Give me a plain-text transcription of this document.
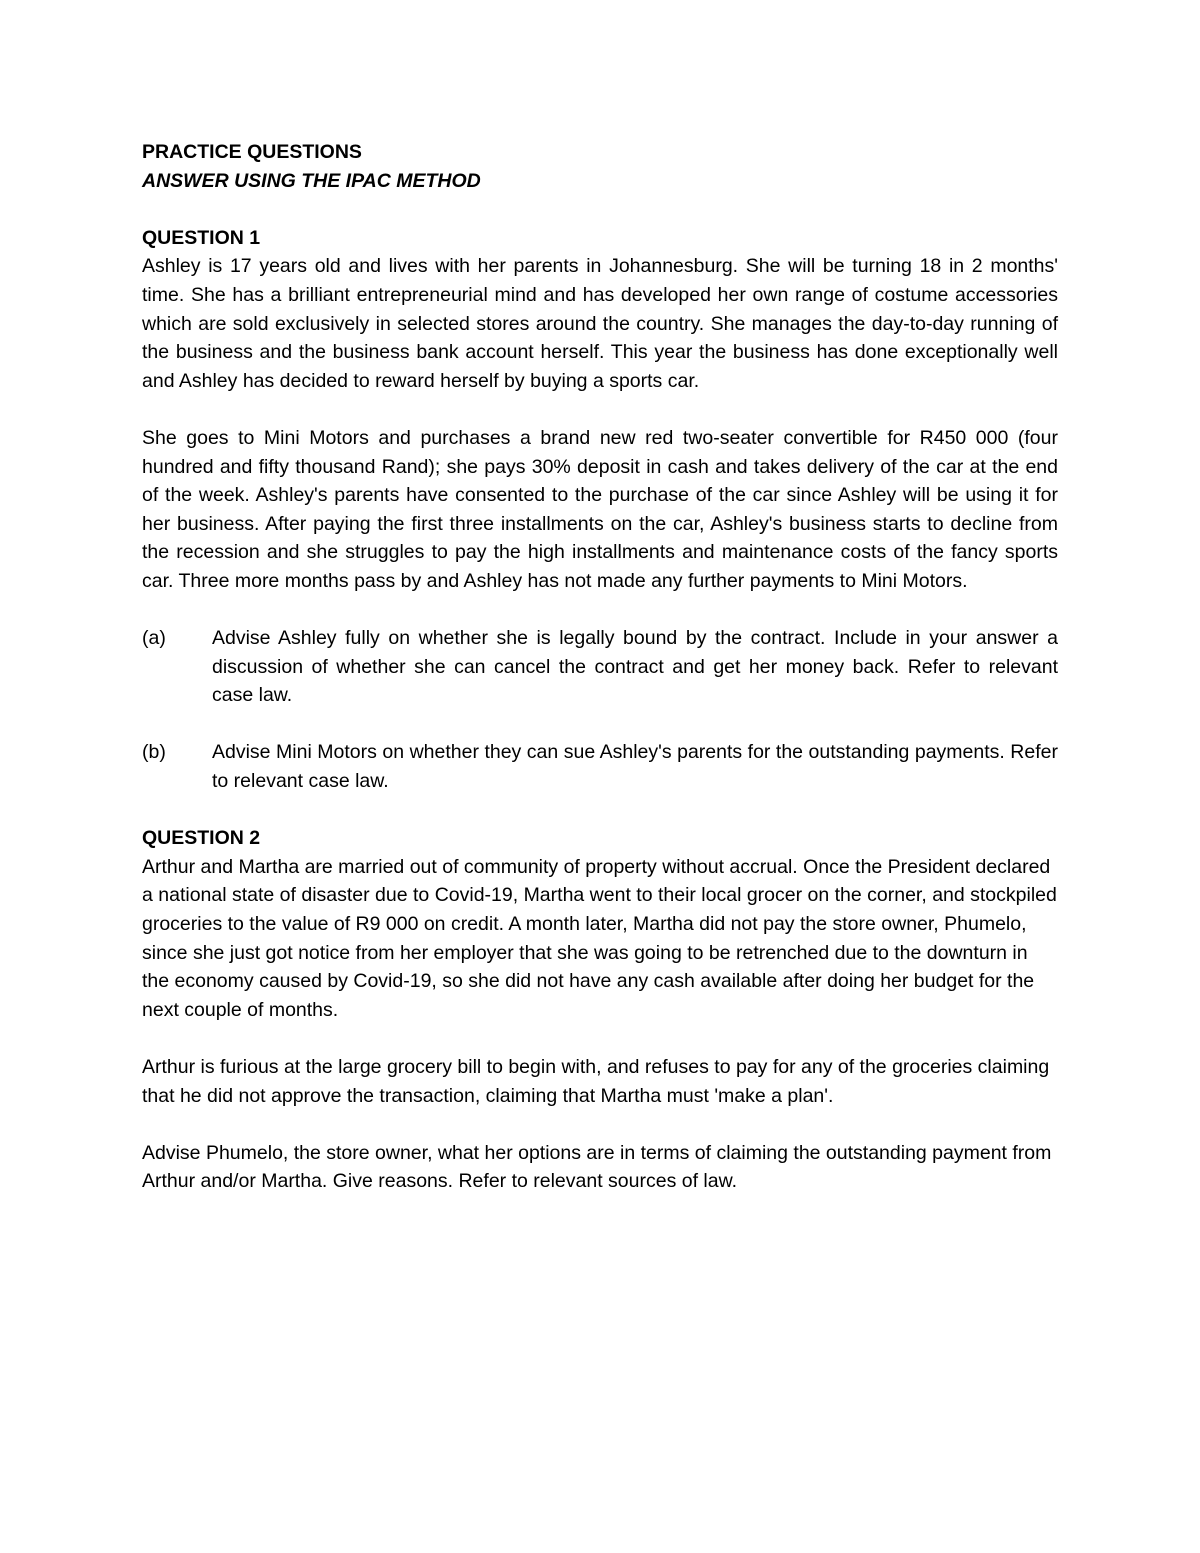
PRACTICE QUESTIONS

ANSWER USING THE IPAC METHOD

QUESTION 1

Ashley is 17 years old and lives with her parents in Johannesburg. She will be turning 18 in 2 months' time. She has a brilliant entrepreneurial mind and has developed her own range of costume accessories which are sold exclusively in selected stores around the country. She manages the day-to-day running of the business and the business bank account herself. This year the business has done exceptionally well and Ashley has decided to reward herself by buying a sports car.

She goes to Mini Motors and purchases a brand new red two-seater convertible for R450 000 (four hundred and fifty thousand Rand); she pays 30% deposit in cash and takes delivery of the car at the end of the week. Ashley's parents have consented to the purchase of the car since Ashley will be using it for her business. After paying the first three installments on the car, Ashley's business starts to decline from the recession and she struggles to pay the high installments and maintenance costs of the fancy sports car. Three more months pass by and Ashley has not made any further payments to Mini Motors.

(a)	Advise Ashley fully on whether she is legally bound by the contract. Include in your answer a discussion of whether she can cancel the contract and get her money back. Refer to relevant case law.
(b)	Advise Mini Motors on whether they can sue Ashley's parents for the outstanding payments. Refer to relevant case law.

QUESTION 2

Arthur and Martha are married out of community of property without accrual. Once the President declared a national state of disaster due to Covid-19, Martha went to their local grocer on the corner, and stockpiled groceries to the value of R9 000 on credit. A month later, Martha did not pay the store owner, Phumelo, since she just got notice from her employer that she was going to be retrenched due to the downturn in the economy caused by Covid-19, so she did not have any cash available after doing her budget for the next couple of months.

Arthur is furious at the large grocery bill to begin with, and refuses to pay for any of the groceries claiming that he did not approve the transaction, claiming that Martha must 'make a plan'.

Advise Phumelo, the store owner, what her options are in terms of claiming the outstanding payment from Arthur and/or Martha. Give reasons. Refer to relevant sources of law.
